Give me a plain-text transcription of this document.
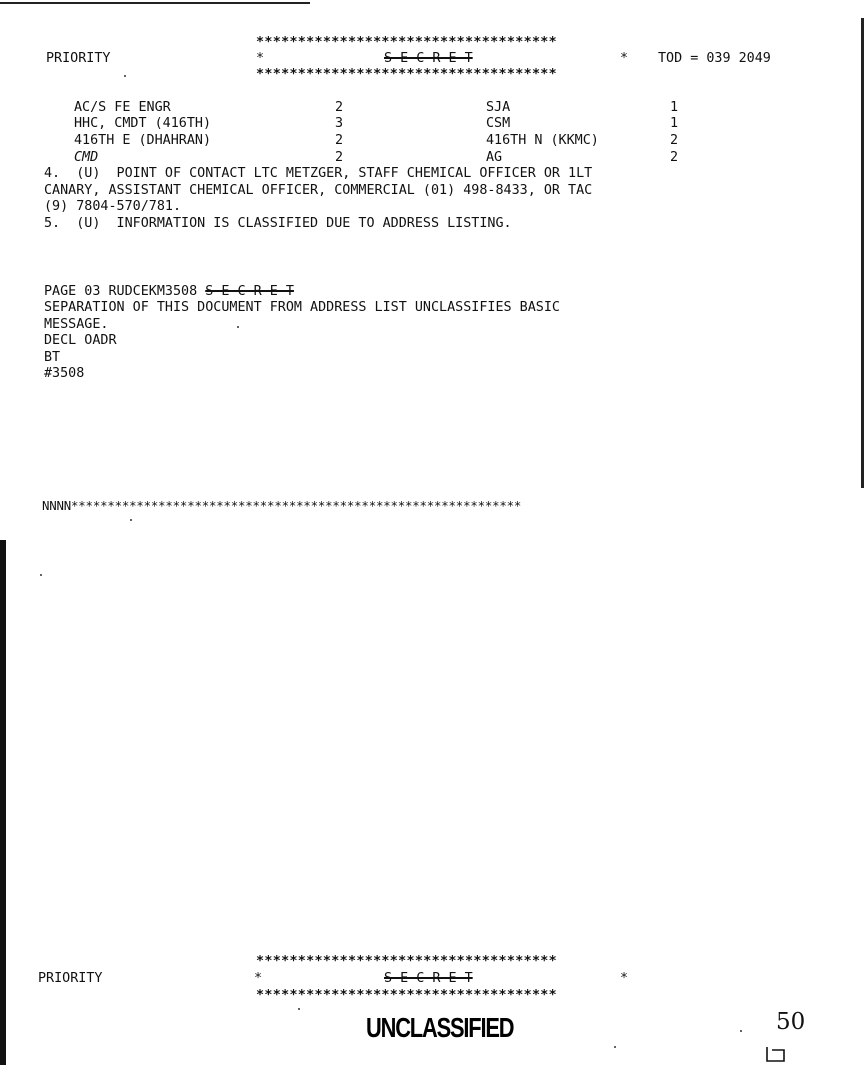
PRIORITY
************************************
*	S-E-C-R-E-T	* TOD = 039 2049
************************************
AC/S FE ENGR	2	SJA	1
HHC, CMDT (416TH)	3	CSM	1
416TH E (DHAHRAN)	2	416TH N (KKMC)	2
CMD	2	AG	2
4.  (U)  POINT OF CONTACT LTC METZGER, STAFF CHEMICAL OFFICER OR 1LT
CANARY, ASSISTANT CHEMICAL OFFICER, COMMERCIAL (01) 498-8433, OR TAC
(9) 7804-570/781.
5.  (U)  INFORMATION IS CLASSIFIED DUE TO ADDRESS LISTING.
PAGE 03 RUDCEKM3508 S-E-C-R-E-T
SEPARATION OF THIS DOCUMENT FROM ADDRESS LIST UNCLASSIFIES BASIC
MESSAGE.
DECL OADR
BT
#3508
NNNN**************************************************************
************************************
PRIORITY	*	S-E-C-R-E-T	*
************************************
UNCLASSIFIED	50
